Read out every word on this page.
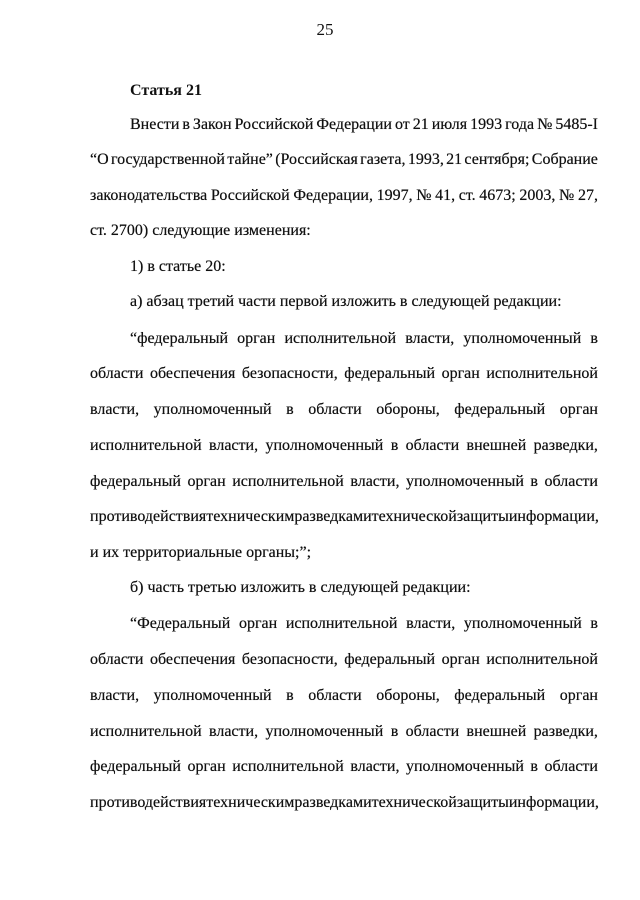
25
Статья 21
Внести в Закон Российской Федерации от 21 июля 1993 года № 5485-I
“О государственной тайне” (Российская газета, 1993, 21 сентября; Собрание
законодательства Российской Федерации, 1997, № 41, ст. 4673; 2003, № 27,
ст. 2700) следующие изменения:
1) в статье 20:
а) абзац третий части первой изложить в следующей редакции:
“федеральный орган исполнительной власти, уполномоченный в
области обеспечения безопасности, федеральный орган исполнительной
власти, уполномоченный в области обороны, федеральный орган
исполнительной власти, уполномоченный в области внешней разведки,
федеральный орган исполнительной власти, уполномоченный в области
противодействия техническим разведкам и технической защиты информации,
и их территориальные органы;”;
б) часть третью изложить в следующей редакции:
“Федеральный орган исполнительной власти, уполномоченный в
области обеспечения безопасности, федеральный орган исполнительной
власти, уполномоченный в области обороны, федеральный орган
исполнительной власти, уполномоченный в области внешней разведки,
федеральный орган исполнительной власти, уполномоченный в области
противодействия техническим разведкам и технической защиты информации,
